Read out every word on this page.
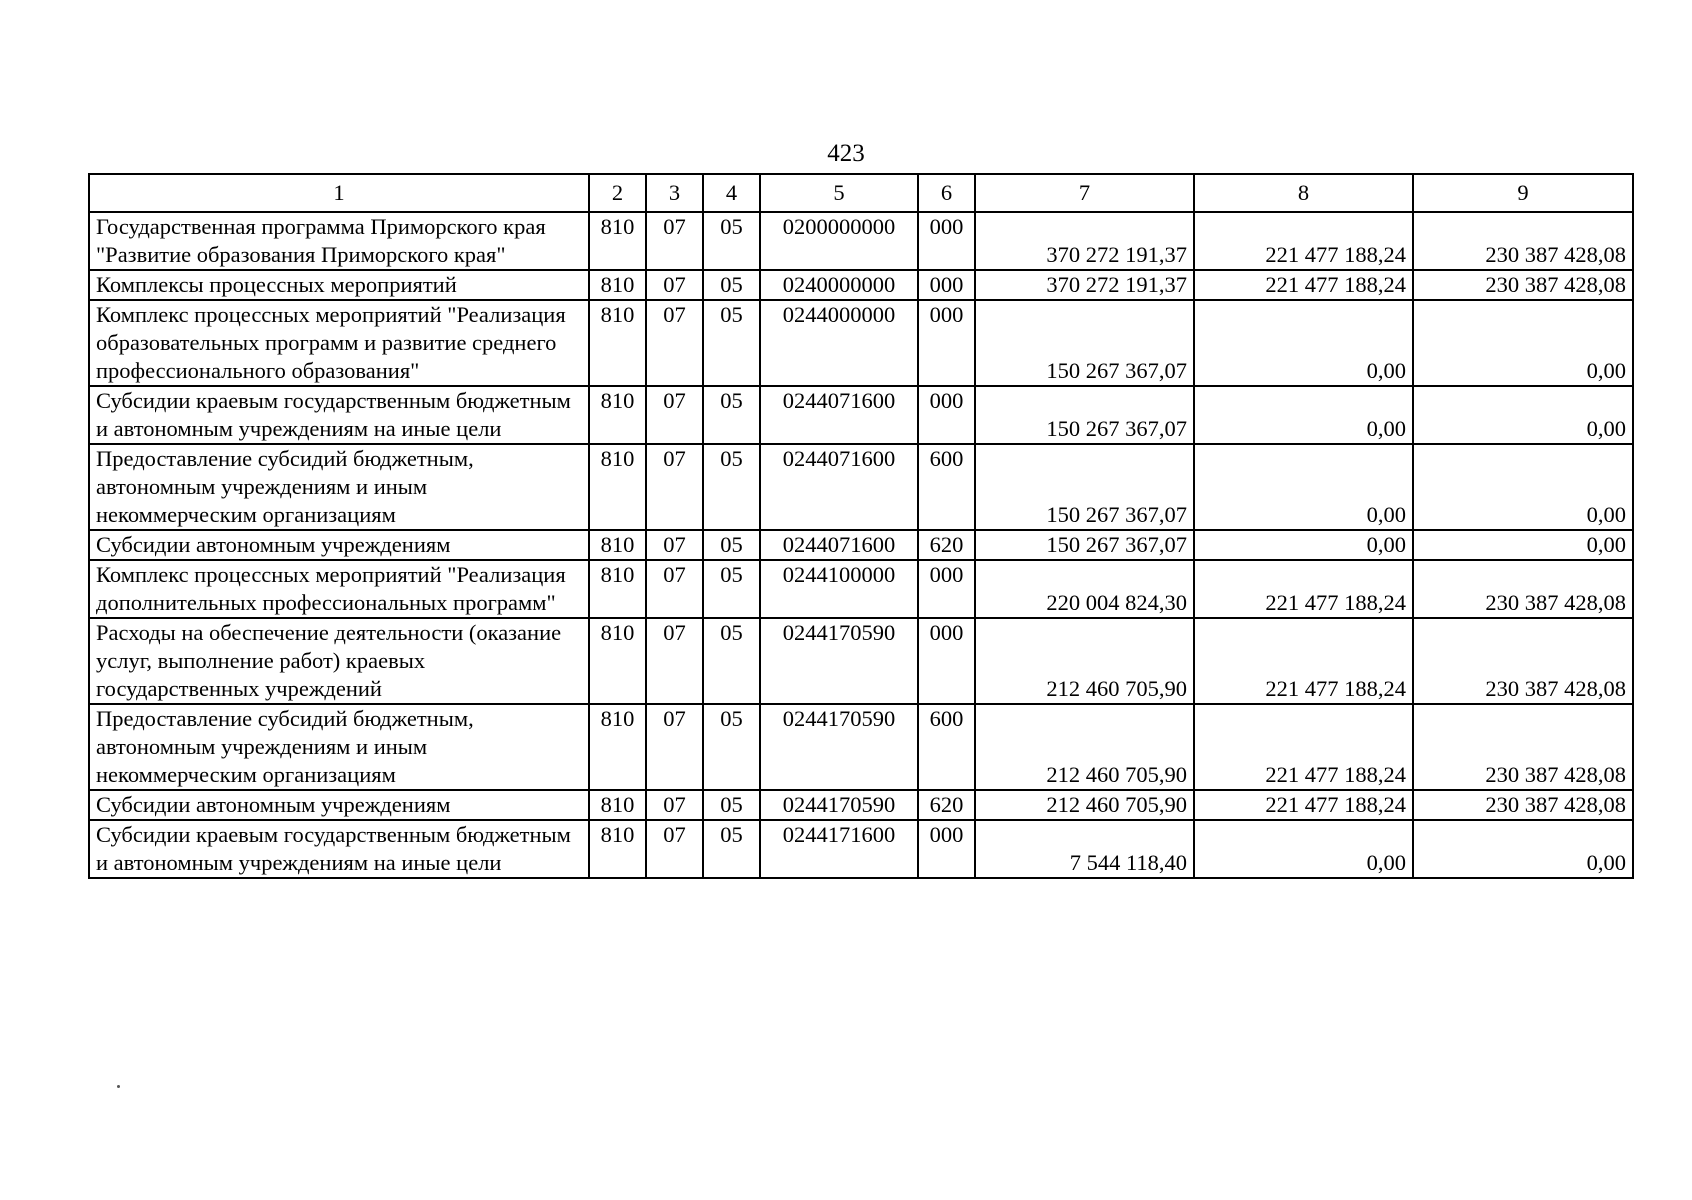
423
1	2	3	4	5	6	7	8	9
Государственная программа Приморского края "Развитие образования Приморского края"	810	07	05	0200000000	000	370 272 191,37	221 477 188,24	230 387 428,08
Комплексы процессных мероприятий	810	07	05	0240000000	000	370 272 191,37	221 477 188,24	230 387 428,08
Комплекс процессных мероприятий "Реализация образовательных программ и развитие среднего профессионального образования"	810	07	05	0244000000	000	150 267 367,07	0,00	0,00
Субсидии краевым государственным бюджетным и автономным учреждениям на иные цели	810	07	05	0244071600	000	150 267 367,07	0,00	0,00
Предоставление субсидий бюджетным, автономным учреждениям и иным некоммерческим организациям	810	07	05	0244071600	600	150 267 367,07	0,00	0,00
Субсидии автономным учреждениям	810	07	05	0244071600	620	150 267 367,07	0,00	0,00
Комплекс процессных мероприятий "Реализация дополнительных профессиональных программ"	810	07	05	0244100000	000	220 004 824,30	221 477 188,24	230 387 428,08
Расходы на обеспечение деятельности (оказание услуг, выполнение работ) краевых государственных учреждений	810	07	05	0244170590	000	212 460 705,90	221 477 188,24	230 387 428,08
Предоставление субсидий бюджетным, автономным учреждениям и иным некоммерческим организациям	810	07	05	0244170590	600	212 460 705,90	221 477 188,24	230 387 428,08
Субсидии автономным учреждениям	810	07	05	0244170590	620	212 460 705,90	221 477 188,24	230 387 428,08
Субсидии краевым государственным бюджетным и автономным учреждениям на иные цели	810	07	05	0244171600	000	7 544 118,40	0,00	0,00
